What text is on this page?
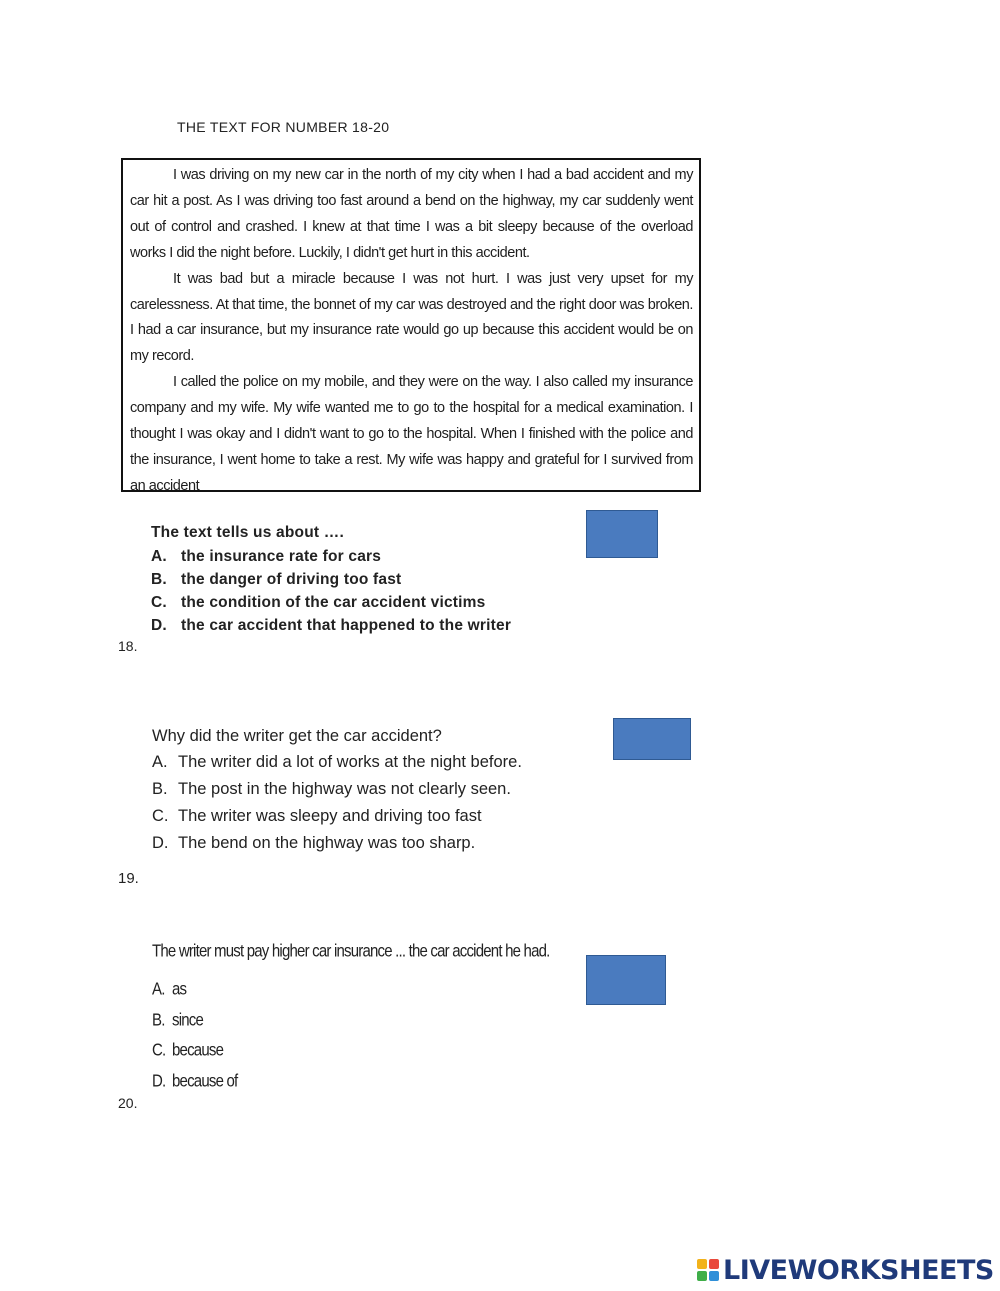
THE TEXT FOR NUMBER 18-20

I was driving on my new car in the north of my city when I had a bad accident and my car hit a post. As I was driving too fast around a bend on the highway, my car suddenly went out of control and crashed. I knew at that time I was a bit sleepy because of the overload works I did the night before. Luckily, I didn't get hurt in this accident.

It was bad but a miracle because I was not hurt. I was just very upset for my carelessness. At that time, the bonnet of my car was destroyed and the right door was broken. I had a car insurance, but my insurance rate would go up because this accident would be on my record.

I called the police on my mobile, and they were on the way. I also called my insurance company and my wife. My wife wanted me to go to the hospital for a medical examination. I thought I was okay and I didn't want to go to the hospital. When I finished with the police and the insurance, I went home to take a rest. My wife was happy and grateful for I survived from an accident

The text tells us about ….
A. the insurance rate for cars
B. the danger of driving too fast
C. the condition of the car accident victims
D. the car accident that happened to the writer
18.
Why did the writer get the car accident?
A. The writer did a lot of works at the night before.
B. The post in the highway was not clearly seen.
C. The writer was sleepy and driving too fast
D. The bend on the highway was too sharp.
19.
The writer must pay higher car insurance ... the car accident he had.
A. as
B. since
C. because
D. because of
20.
LIVEWORKSHEETS
